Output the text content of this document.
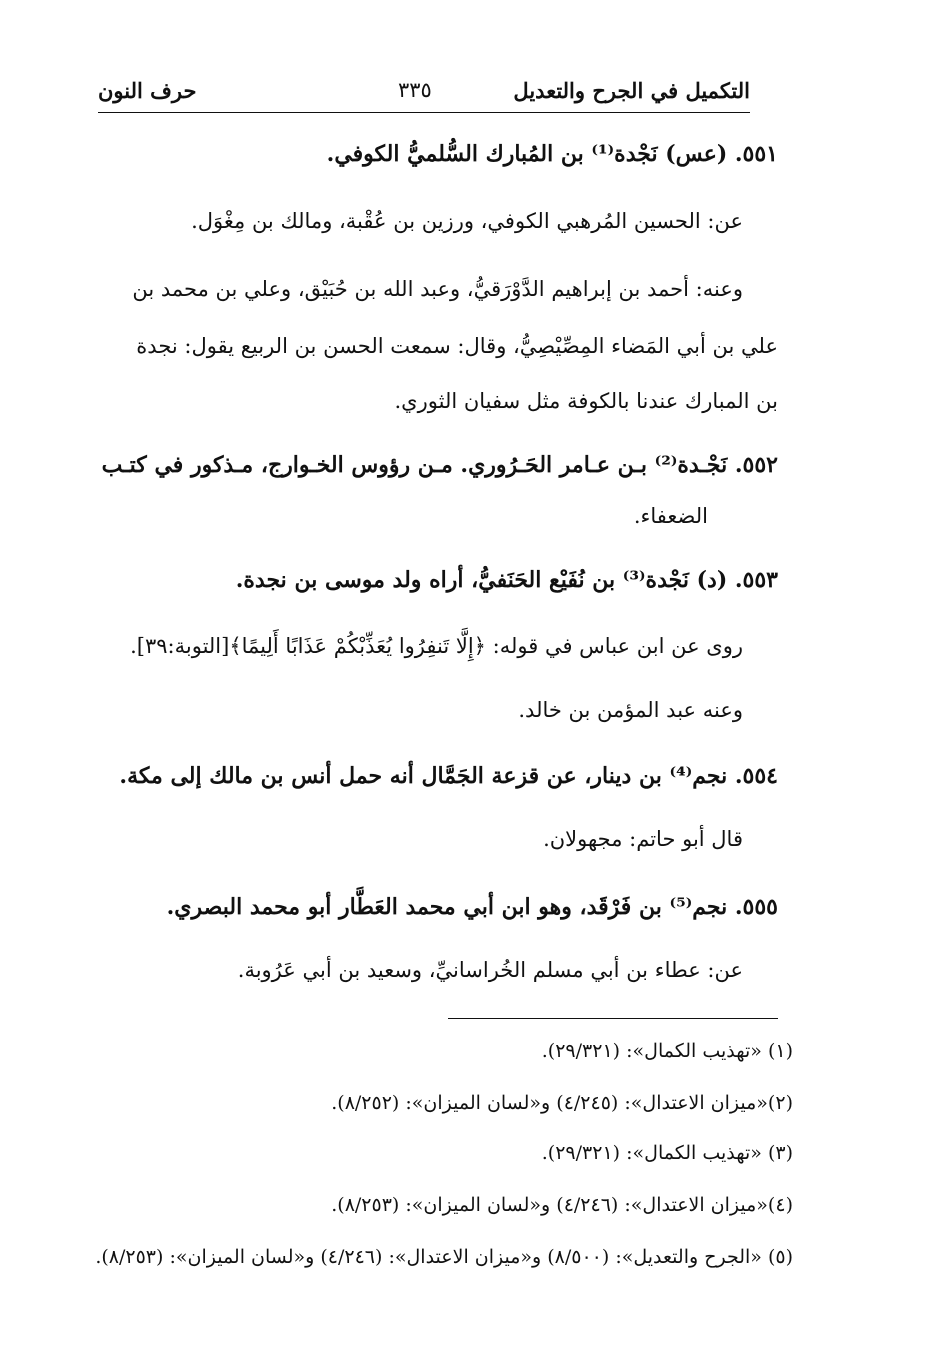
التكميل في الجرح والتعديل
٣٣٥
حرف النون
٥٥١. (عس) نَجْدة⁽¹⁾ بن المُبارك السُّلميُّ الكوفي.
عن: الحسين المُرهبي الكوفي، ورزين بن عُقْبة، ومالك بن مِغْوَل.
وعنه: أحمد بن إبراهيم الدَّوْرَقيُّ، وعبد الله بن حُبَيْق، وعلي بن محمد بن
علي بن أبي المَضاء المِصِّيْصِيُّ، وقال: سمعت الحسن بن الربيع يقول: نجدة
بن المبارك عندنا بالكوفة مثل سفيان الثوري.
٥٥٢. نَجْـدة⁽²⁾ بـن عـامر الحَـرُوري. مـن رؤوس الخـوارج، مـذكور في كتـب
الضعفاء.
٥٥٣. (د) نَجْدة⁽³⁾ بن نُفَيْع الحَنَفيُّ، أراه ولد موسى بن نجدة.
روى عن ابن عباس في قوله: ﴿إِلَّا تَنفِرُوا يُعَذِّبْكُمْ عَذَابًا أَلِيمًا﴾[التوبة:٣٩].
وعنه عبد المؤمن بن خالد.
٥٥٤. نجم⁽⁴⁾ بن دينار، عن قزعة الجَمَّال أنه حمل أنس بن مالك إلى مكة.
قال أبو حاتم: مجهولان.
٥٥٥. نجم⁽⁵⁾ بن فَرْقَد، وهو ابن أبي محمد العَطَّار أبو محمد البصري.
عن: عطاء بن أبي مسلم الخُراسانيِّ، وسعيد بن أبي عَرُوبة.
(١) «تهذيب الكمال»: (٢٩/٣٢١).
(٢)«ميزان الاعتدال»: (٤/٢٤٥) و«لسان الميزان»: (٨/٢٥٢).
(٣) «تهذيب الكمال»: (٢٩/٣٢١).
(٤)«ميزان الاعتدال»: (٤/٢٤٦) و«لسان الميزان»: (٨/٢٥٣).
(٥) «الجرح والتعديل»: (٨/٥٠٠) و«ميزان الاعتدال»: (٤/٢٤٦) و«لسان الميزان»: (٨/٢٥٣).
